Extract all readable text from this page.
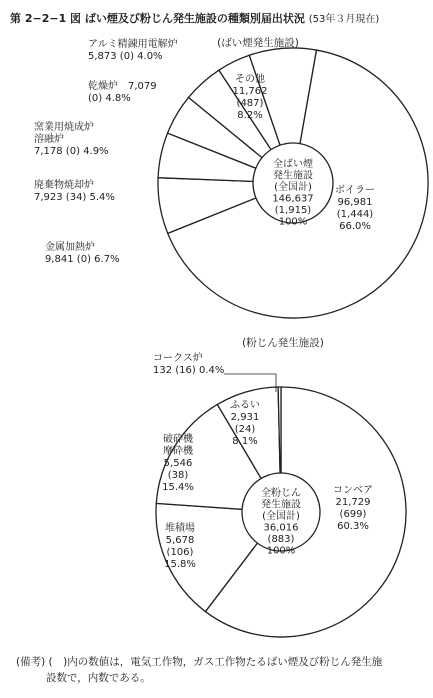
第 2−2−1 図 ばい煙及び粉じん発生施設の種類別届出状況 (53年３月現在)
(ばい煙発生施設)
全ばい煙
発生施設
(全国計)
146,637
(1,915)
100%
ボイラー 96,981 (1,444) 66.0%
金属加熱炉 9,841 (0) 6.7%
廃棄物焼却炉 7,923 (34) 5.4%
窯業用焼成炉溶融炉 7,178 (0) 4.9%
乾燥炉　7,079 (0) 4.8%
アルミ精錬用電解炉 5,873 (0) 4.0%
その他 11,762 (487) 8.2%
(粉じん発生施設)
全粉じん
発生施設
(全国計)
36,016
(883)
100%
コンベア 21,729 (699) 60.3%
堆積場 5,678 (106) 15.8%
破砕機摩砕機 5,546 (38) 15.4%
ふるい 2,931 (24) 8.1%
コークス炉 132 (16) 0.4%
(備考) (　)内の数値は，電気工作物，ガス工作物たるばい煙及び粉じん発生施
設数で，内数である。
